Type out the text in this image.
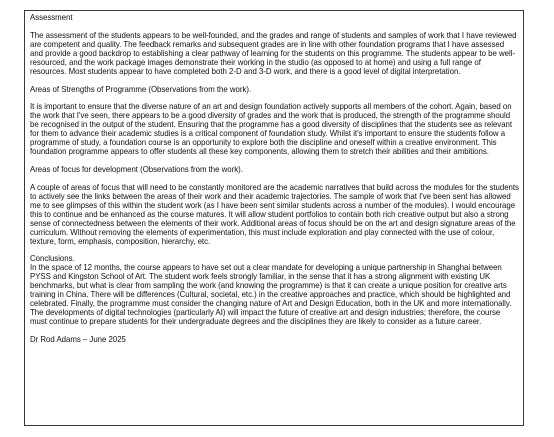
Assessment

The assessment of the students appears to be well-founded, and the grades and range of students and samples of work that I have reviewed are competent and quality. The feedback remarks and subsequent grades are in line with other foundation programs that I have assessed and provide a good backdrop to establishing a clear pathway of learning for the students on this programme. The students appear to be well-resourced, and the work package images demonstrate their working in the studio (as opposed to at home) and using a full range of resources. Most students appear to have completed both 2-D and 3-D work, and there is a good level of digital interpretation.

Areas of Strengths of Programme (Observations from the work).

It is important to ensure that the diverse nature of an art and design foundation actively supports all members of the cohort. Again, based on the work that I've seen, there appears to be a good diversity of grades and the work that is produced, the strength of the programme should be recognised in the output of the student. Ensuring that the programme has a good diversity of disciplines that the students see as relevant for them to advance their academic studies is a critical component of foundation study. Whilst it's important to ensure the students follow a programme of study, a foundation course is an opportunity to explore both the discipline and oneself within a creative environment. This foundation programme appears to offer students all these key components, allowing them to stretch their abilities and their ambitions.

Areas of focus for development (Observations from the work).

A couple of areas of focus that will need to be constantly monitored are the academic narratives that build across the modules for the students to actively see the links between the areas of their work and their academic trajectories. The sample of work that I've been sent has allowed me to see glimpses of this within the student work (as I have been sent similar students across a number of the modules). I would encourage this to continue and be enhanced as the course matures. It will allow student portfolios to contain both rich creative output but also a strong sense of connectedness between the elements of their work. Additional areas of focus should be on the art and design signature areas of the curriculum. Without removing the elements of experimentation, this must include exploration and play connected with the use of colour, texture, form, emphasis, composition, hierarchy, etc.

Conclusions.

In the space of 12 months, the course appears to have set out a clear mandate for developing a unique partnership in Shanghai between PYSS and Kingston School of Art. The student work feels strongly familiar, in the sense that it has a strong alignment with existing UK benchmarks, but what is clear from sampling the work (and knowing the programme) is that it can create a unique position for creative arts training in China. There will be differences (Cultural, societal, etc.) in the creative approaches and practice, which should be highlighted and celebrated. Finally, the programme must consider the changing nature of Art and Design Education, both in the UK and more internationally. The developments of digital technologies (particularly AI) will impact the future of creative art and design industries; therefore, the course must continue to prepare students for their undergraduate degrees and the disciplines they are likely to consider as a future career.

Dr Rod Adams – June 2025
